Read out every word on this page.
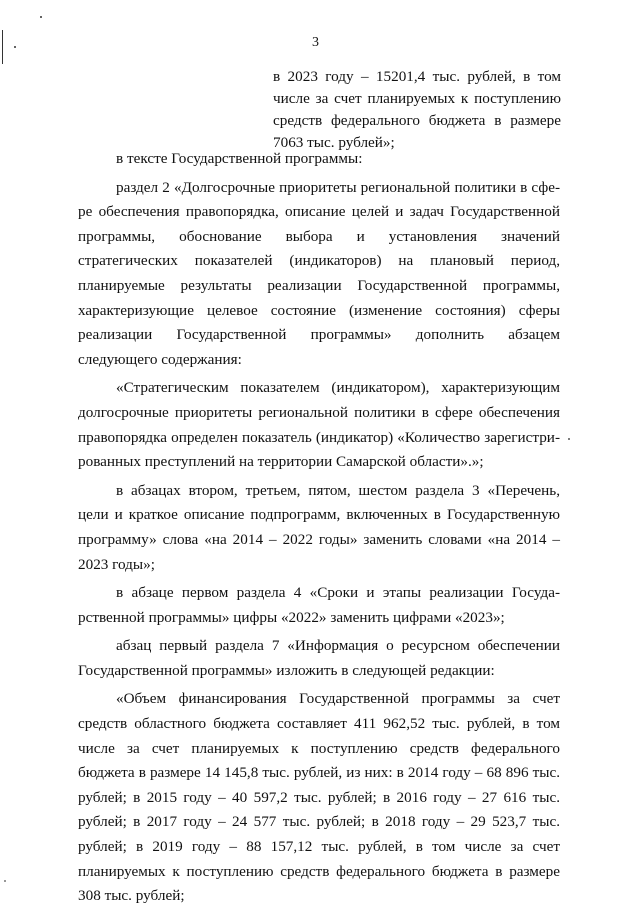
3
в 2023 году – 15201,4 тыс. рублей, в том числе за счет планируемых к поступлению средств федерального бюджета в размере 7063 тыс. рублей»;

в тексте Государственной программы:

раздел 2 «Долгосрочные приоритеты региональной политики в сфере обеспечения правопорядка, описание целей и задач Государственной программы, обоснование выбора и установления значений стратегических показателей (индикаторов) на плановый период, планируемые результаты реализации Государственной программы, характеризующие целевое состояние (изменение состояния) сферы реализации Государственной программы» дополнить абзацем следующего содержания:

«Стратегическим показателем (индикатором), характеризующим долгосрочные приоритеты региональной политики в сфере обеспечения правопорядка определен показатель (индикатор) «Количество зарегистрированных преступлений на территории Самарской области».»;

в абзацах втором, третьем, пятом, шестом раздела 3 «Перечень, цели и краткое описание подпрограмм, включенных в Государственную программу» слова «на 2014 – 2022 годы» заменить словами «на 2014 – 2023 годы»;

в абзаце первом раздела 4 «Сроки и этапы реализации Государственной программы» цифры «2022» заменить цифрами «2023»;

абзац первый раздела 7 «Информация о ресурсном обеспечении Государственной программы» изложить в следующей редакции:

«Объем финансирования Государственной программы за счет средств областного бюджета составляет 411 962,52 тыс. рублей, в том числе за счет планируемых к поступлению средств федерального бюджета в размере 14 145,8 тыс. рублей, из них: в 2014 году – 68 896 тыс. рублей; в 2015 году – 40 597,2 тыс. рублей; в 2016 году – 27 616 тыс. рублей; в 2017 году – 24 577 тыс. рублей; в 2018 году – 29 523,7 тыс. рублей; в 2019 году – 88 157,12 тыс. рублей, в том числе за счет планируемых к поступлению средств федерального бюджета в размере 308 тыс. рублей;
